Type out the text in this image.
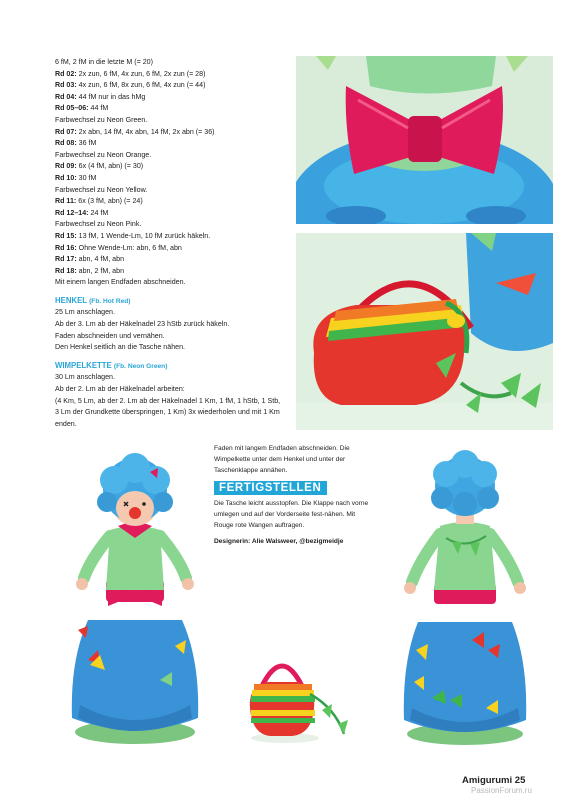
6 fM, 2 fM in die letzte M (= 20)
Rd 02: 2x zun, 6 fM, 4x zun, 6 fM, 2x zun (= 28)
Rd 03: 4x zun, 6 fM, 8x zun, 6 fM, 4x zun (= 44)
Rd 04: 44 fM nur in das hMg
Rd 05–06: 44 fM
Farbwechsel zu Neon Green.
Rd 07: 2x abn, 14 fM, 4x abn, 14 fM, 2x abn (= 36)
Rd 08: 36 fM
Farbwechsel zu Neon Orange.
Rd 09: 6x (4 fM, abn) (= 30)
Rd 10: 30 fM
Farbwechsel zu Neon Yellow.
Rd 11: 6x (3 fM, abn) (= 24)
Rd 12–14: 24 fM
Farbwechsel zu Neon Pink.
Rd 15: 13 fM, 1 Wende-Lm, 10 fM zurück häkeln.
Rd 16: Ohne Wende-Lm: abn, 6 fM, abn
Rd 17: abn, 4 fM, abn
Rd 18: abn, 2 fM, abn
Mit einem langen Endfaden abschneiden.
HENKEL (Fb. Hot Red)
25 Lm anschlagen.
Ab der 3. Lm ab der Häkelnadel 23 hStb zurück häkeln.
Faden abschneiden und vernähen.
Den Henkel seitlich an die Tasche nähen.
WIMPELKETTE (Fb. Neon Green)
30 Lm anschlagen.
Ab der 2. Lm ab der Häkelnadel arbeiten:
(4 Km, 5 Lm, ab der 2. Lm ab der Häkelnadel 1 Km, 1 fM, 1 hStb, 1 Stb, 3 Lm der Grundkette überspringen, 1 Km) 3x wiederholen und mit 1 Km enden.
Faden mit langem Endfaden abschneiden. Die Wimpelkette unter dem Henkel und unter der Taschenklappe annähen.
FERTIGSTELLEN
Die Tasche leicht ausstopfen. Die Klappe nach vorne umlegen und auf der Vorderseite fest-nähen. Mit Rouge rote Wangen auftragen.
Designerin: Alie Walsweer, @bezigmeidje
Amigurumi 25
PassionForum.ru
